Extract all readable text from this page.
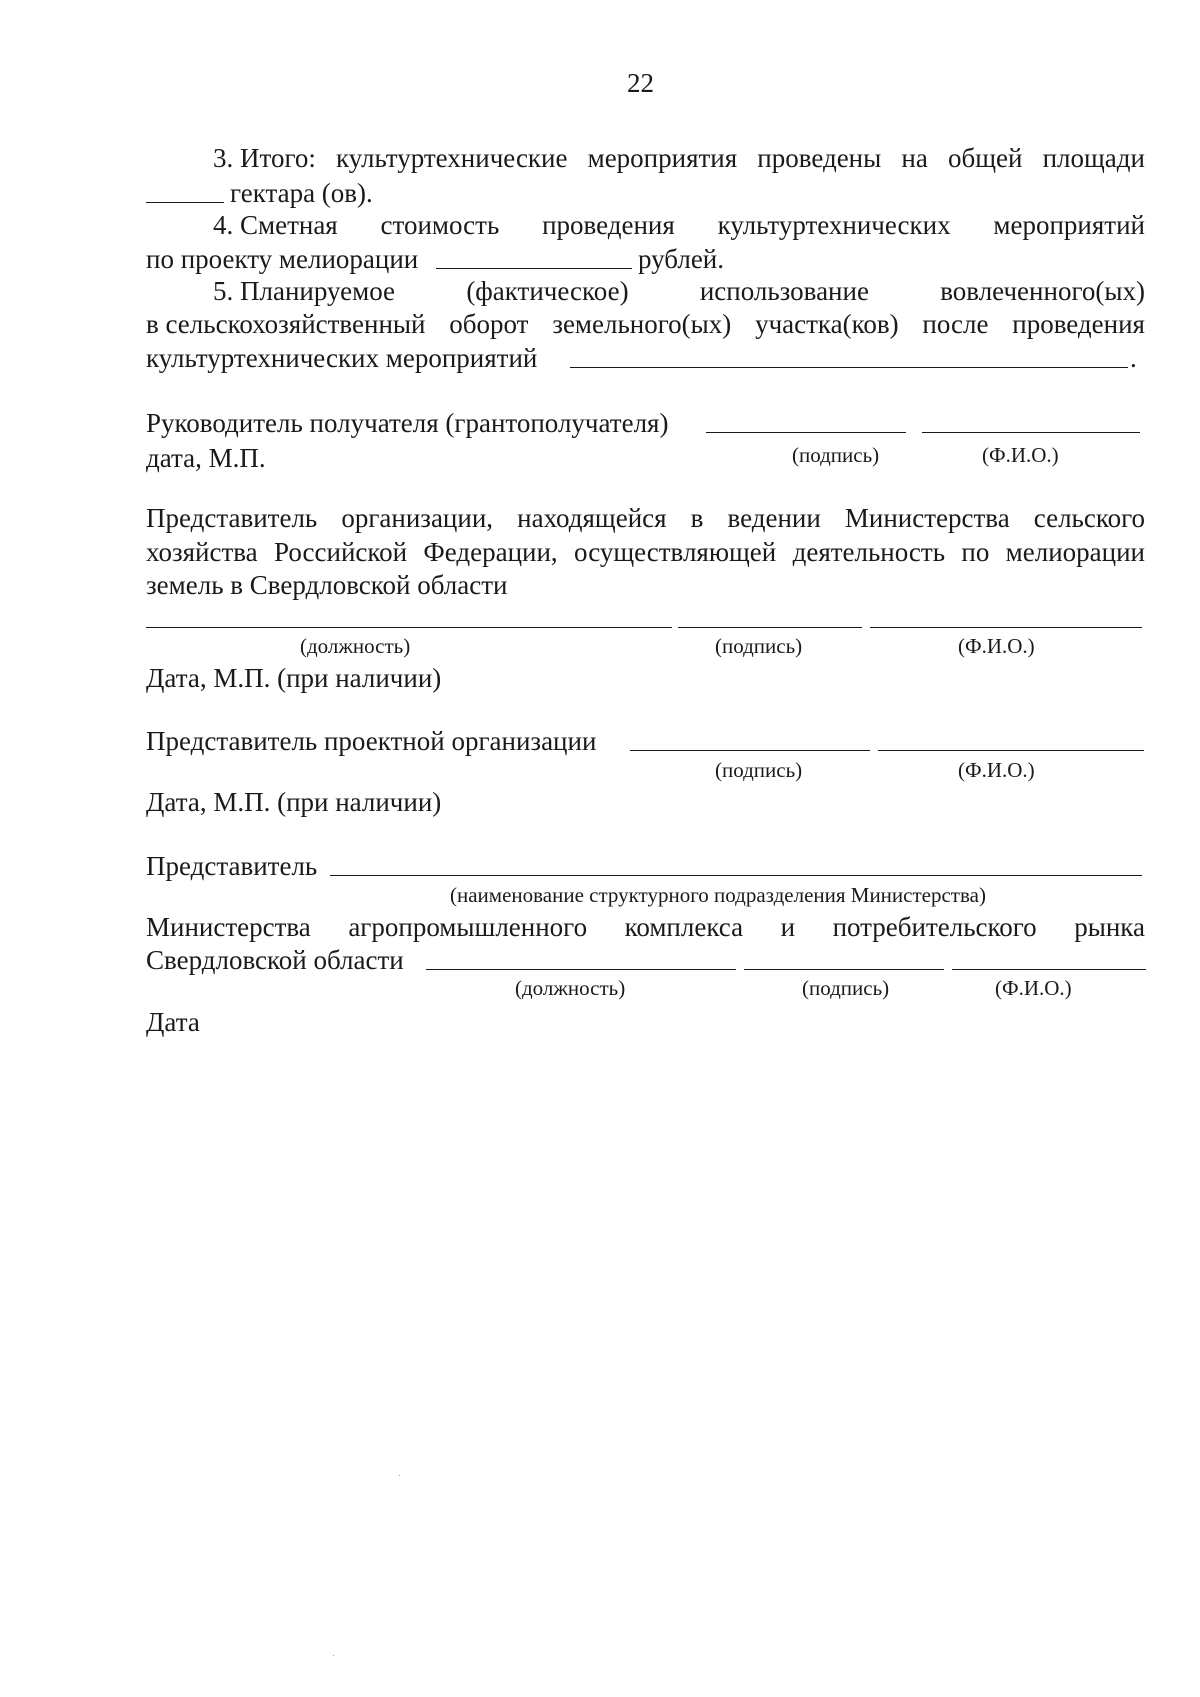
22
3. Итого: культуртехнические мероприятия проведены на общей площади
гектара (ов).
4. Сметная стоимость проведения культуртехнических мероприятий
по проекту мелиорации	рублей.
5. Планируемое	(фактическое)	использование	вовлеченного(ых)
в сельскохозяйственный оборот земельного(ых) участка(ков) после проведения
культуртехнических мероприятий	.
Руководитель получателя (грантополучателя)
дата, М.П.	(подпись)	(Ф.И.О.)
Представитель организации, находящейся в ведении Министерства сельского
хозяйства Российской Федерации, осуществляющей деятельность по мелиорации
земель в Свердловской области
(должность)	(подпись)	(Ф.И.О.)
Дата, М.П. (при наличии)
Представитель проектной организации
(подпись)	(Ф.И.О.)
Дата, М.П. (при наличии)
Представитель
(наименование структурного подразделения Министерства)
Министерства агропромышленного комплекса и потребительского рынка
Свердловской области
(должность)	(подпись)	(Ф.И.О.)
Дата
